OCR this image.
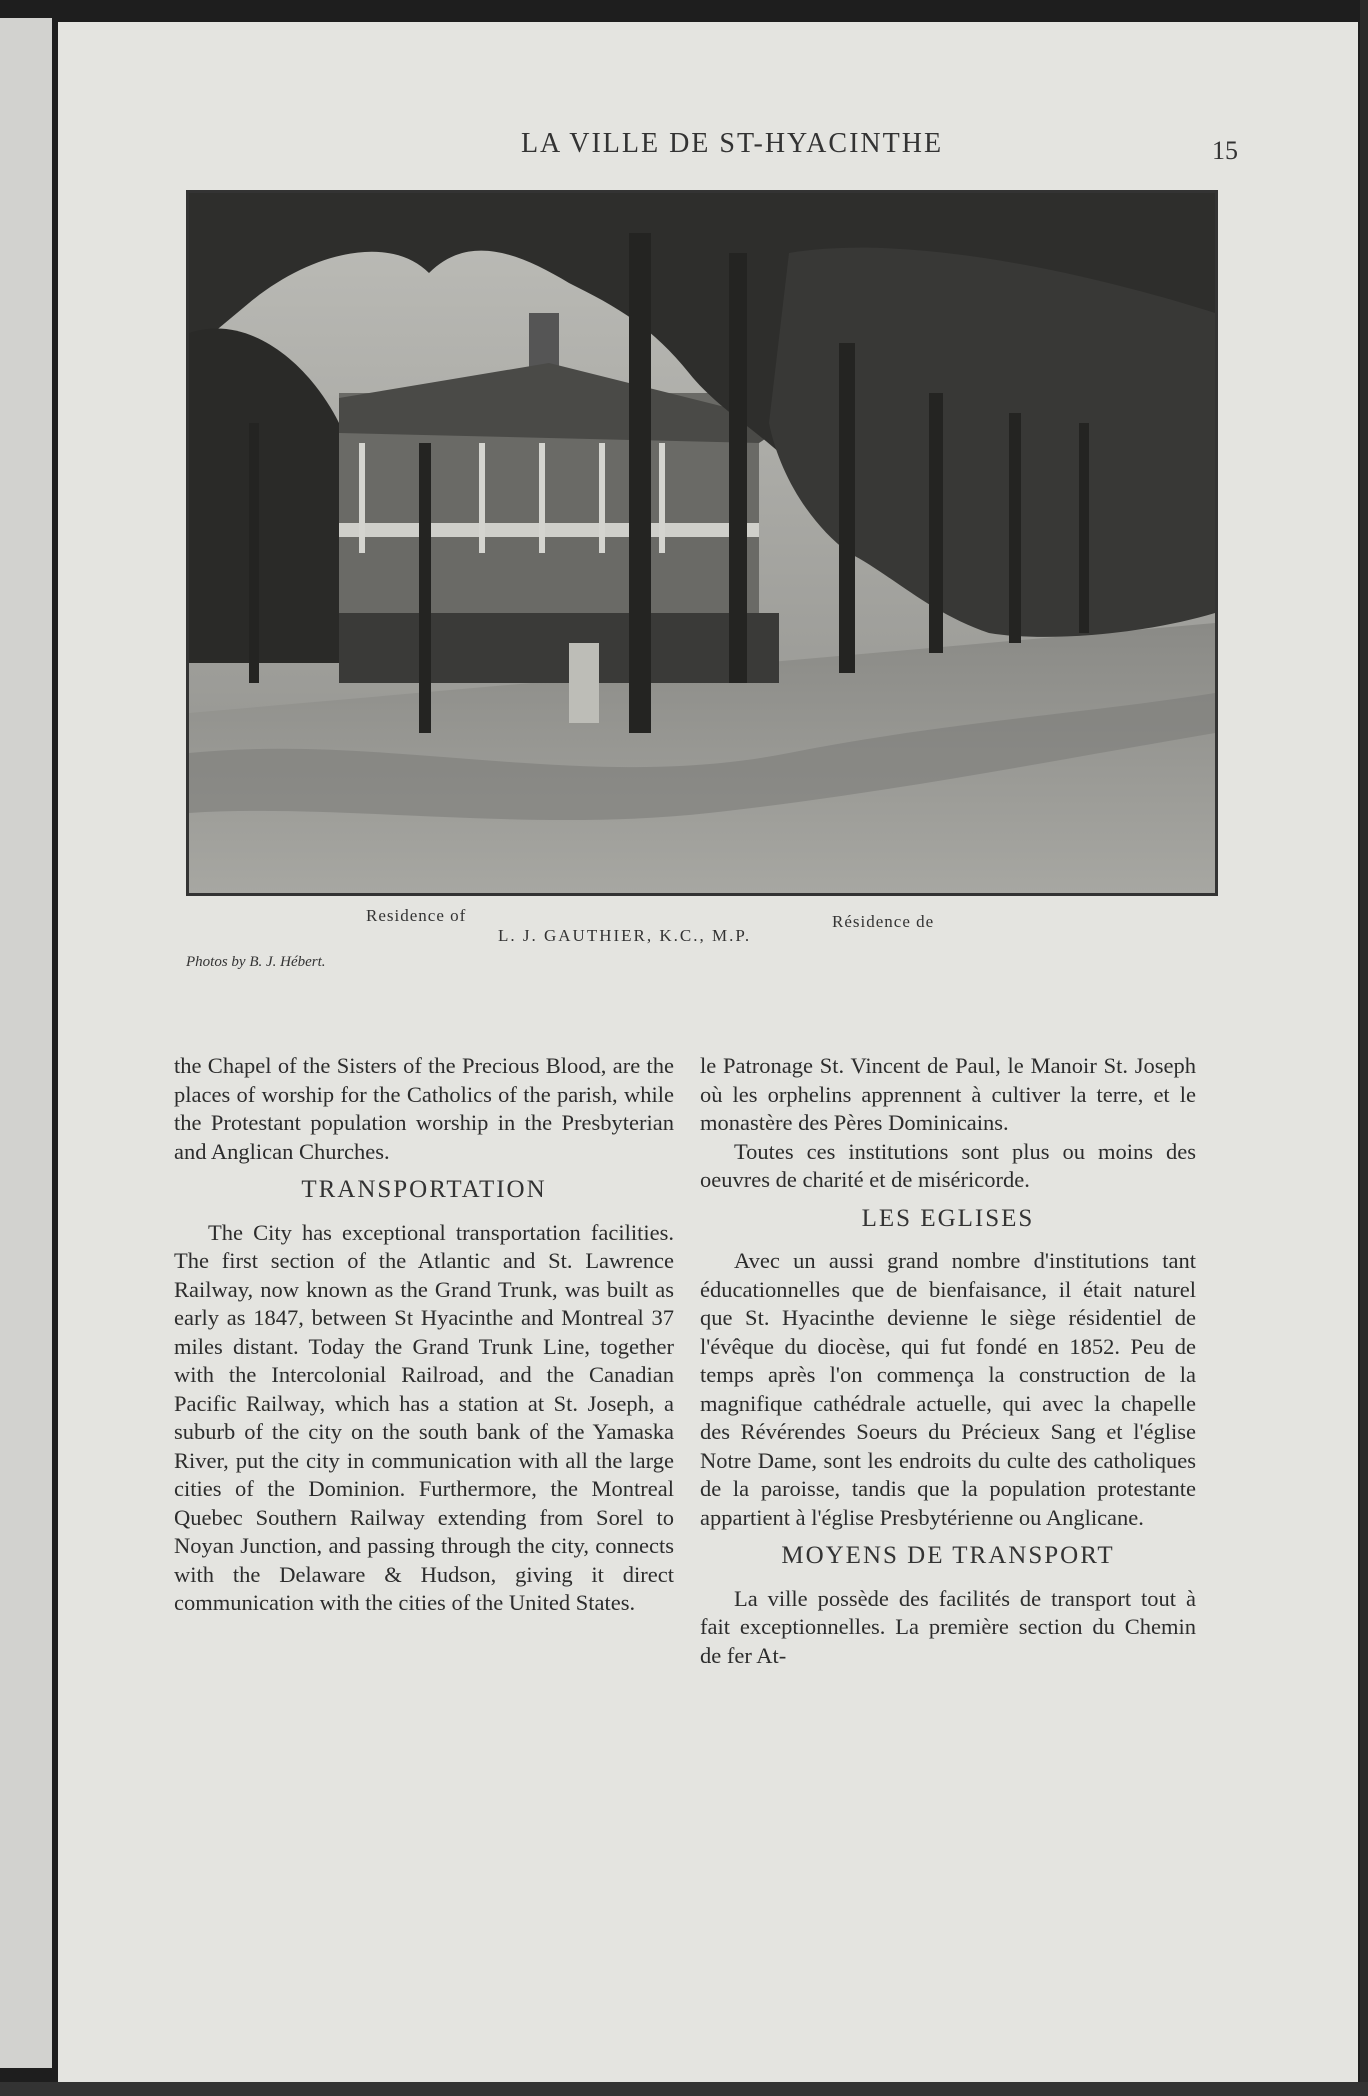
LA VILLE DE ST-HYACINTHE	15
Residence of
L. J. GAUTHIER, K.C., M.P.
Résidence de
Photos by B. J. Hébert.

the Chapel of the Sisters of the Precious Blood, are the places of worship for the Catholics of the parish, while the Protestant population worship in the Presbyterian and Anglican Churches.

TRANSPORTATION

The City has exceptional transportation facilities. The first section of the Atlantic and St. Lawrence Railway, now known as the Grand Trunk, was built as early as 1847, between St Hyacinthe and Montreal 37 miles distant. Today the Grand Trunk Line, together with the Intercolonial Railroad, and the Canadian Pacific Railway, which has a station at St. Joseph, a suburb of the city on the south bank of the Yamaska River, put the city in communication with all the large cities of the Dominion. Furthermore, the Montreal Quebec Southern Railway extending from Sorel to Noyan Junction, and passing through the city, connects with the Delaware & Hudson, giving it direct communication with the cities of the United States.

le Patronage St. Vincent de Paul, le Manoir St. Joseph où les orphelins apprennent à cultiver la terre, et le monastère des Pères Dominicains.

Toutes ces institutions sont plus ou moins des oeuvres de charité et de miséricorde.

LES EGLISES

Avec un aussi grand nombre d'institutions tant éducationnelles que de bienfaisance, il était naturel que St. Hyacinthe devienne le siège résidentiel de l'évêque du diocèse, qui fut fondé en 1852. Peu de temps après l'on commença la construction de la magnifique cathédrale actuelle, qui avec la chapelle des Révérendes Soeurs du Précieux Sang et l'église Notre Dame, sont les endroits du culte des catholiques de la paroisse, tandis que la population protestante appartient à l'église Presbytérienne ou Anglicane.

MOYENS DE TRANSPORT

La ville possède des facilités de transport tout à fait exceptionnelles. La première section du Chemin de fer At-
